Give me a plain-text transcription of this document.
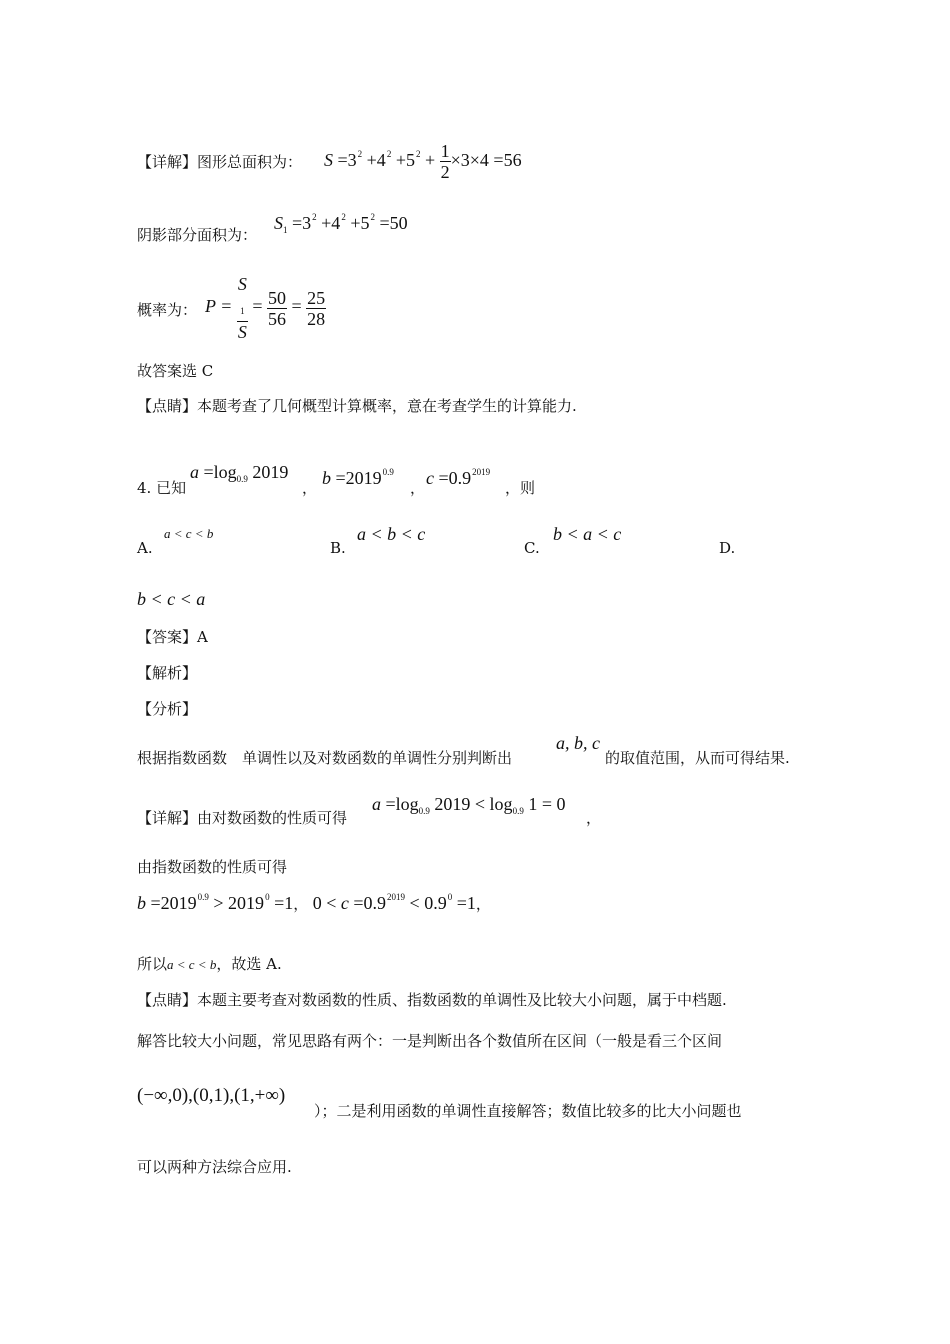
【详解】图形总面积为： $S =3^2 +4^2 +5^2 + \frac{1}{2} \times 3\times 4 =56$
阴影部分面积为：
$S_1 =3^2 +4^2 +5^2 =50$
概率为： P = S
$_1$
$S = \frac{50}{56} = \frac{25}{28}$
故答案选 C
【点睛】本题考查了几何概型计算概率，意在考查学生的计算能力.
4. 已知
$a =\log_{0.9}$ 2019
， $b =2019^{0.9}$
， $c =0.9^{2019}$
，则
A.
a < c < b
B.
a < b < c
C.
b < a < c
D.
b < c < a
【答案】A
【解析】
【分析】
根据指数函数　单调性以及对数函数的单调性分别判断出
a, b, c
的取值范围，从而可得结果.
【详解】由对数函数的性质可得
$a =\log_{0.9}$ $2019 < \log_{0.9} 1 = 0$
，
由指数函数的性质可得
$b =2019^{0.9} > 2019^0 =1$， $0 < c =0.9^{2019} < 0.9^0 =1$，
所以a < c < b，故选 A.
【点睛】本题主要考查对数函数的性质、指数函数的单调性及比较大小问题，属于中档题.
解答比较大小问题，常见思路有两个：一是判断出各个数值所在区间（一般是看三个区间
(−∞,0),(0,1),(1,+∞)
）；二是利用函数的单调性直接解答；数值比较多的比大小问题也
可以两种方法综合应用.
